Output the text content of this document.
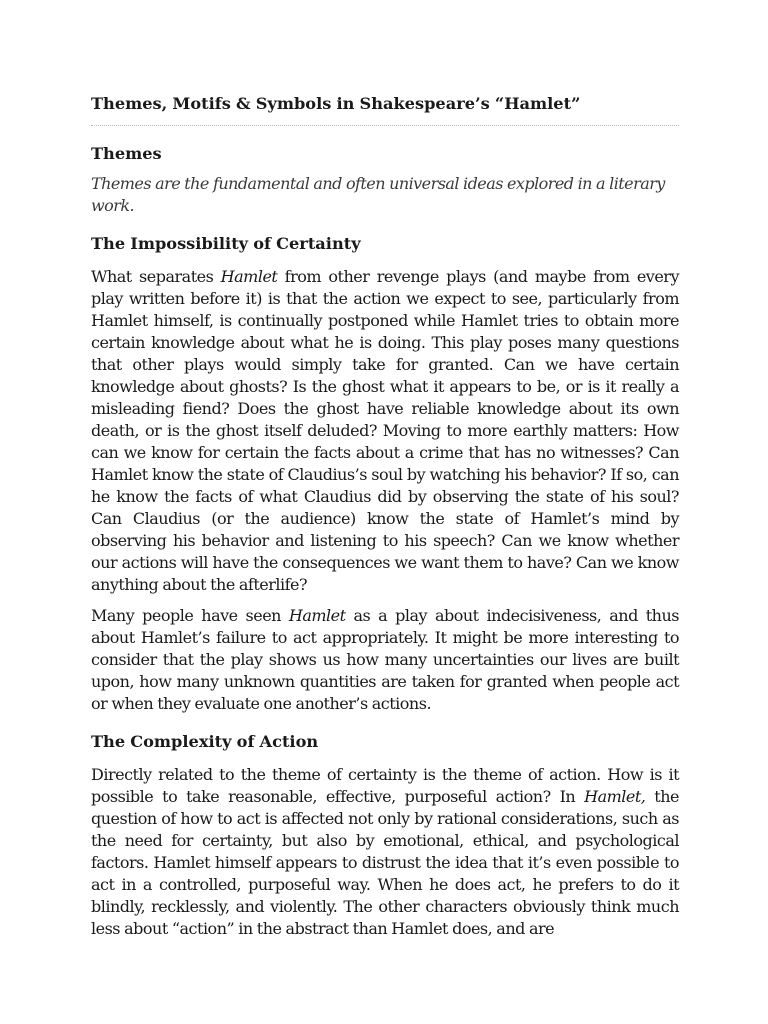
Themes, Motifs & Symbols in Shakespeare’s “Hamlet”
Themes

Themes are the fundamental and often universal ideas explored in a literary work.

The Impossibility of Certainty

What separates Hamlet from other revenge plays (and maybe from every play written before it) is that the action we expect to see, particularly from Hamlet himself, is continually postponed while Hamlet tries to obtain more certain knowledge about what he is doing. This play poses many questions that other plays would simply take for granted. Can we have certain knowledge about ghosts? Is the ghost what it appears to be, or is it really a misleading fiend? Does the ghost have reliable knowledge about its own death, or is the ghost itself deluded? Moving to more earthly matters: How can we know for certain the facts about a crime that has no witnesses? Can Hamlet know the state of Claudius’s soul by watching his behavior? If so, can he know the facts of what Claudius did by observing the state of his soul? Can Claudius (or the audience) know the state of Hamlet’s mind by observing his behavior and listening to his speech? Can we know whether our actions will have the consequences we want them to have? Can we know anything about the afterlife?

Many people have seen Hamlet as a play about indecisiveness, and thus about Hamlet’s failure to act appropriately. It might be more interesting to consider that the play shows us how many uncertainties our lives are built upon, how many unknown quantities are taken for granted when people act or when they evaluate one another’s actions.

The Complexity of Action

Directly related to the theme of certainty is the theme of action. How is it possible to take reasonable, effective, purposeful action? In Hamlet, the question of how to act is affected not only by rational considerations, such as the need for certainty, but also by emotional, ethical, and psychological factors. Hamlet himself appears to distrust the idea that it’s even possible to act in a controlled, purposeful way. When he does act, he prefers to do it blindly, recklessly, and violently. The other characters obviously think much less about “action” in the abstract than Hamlet does, and are
